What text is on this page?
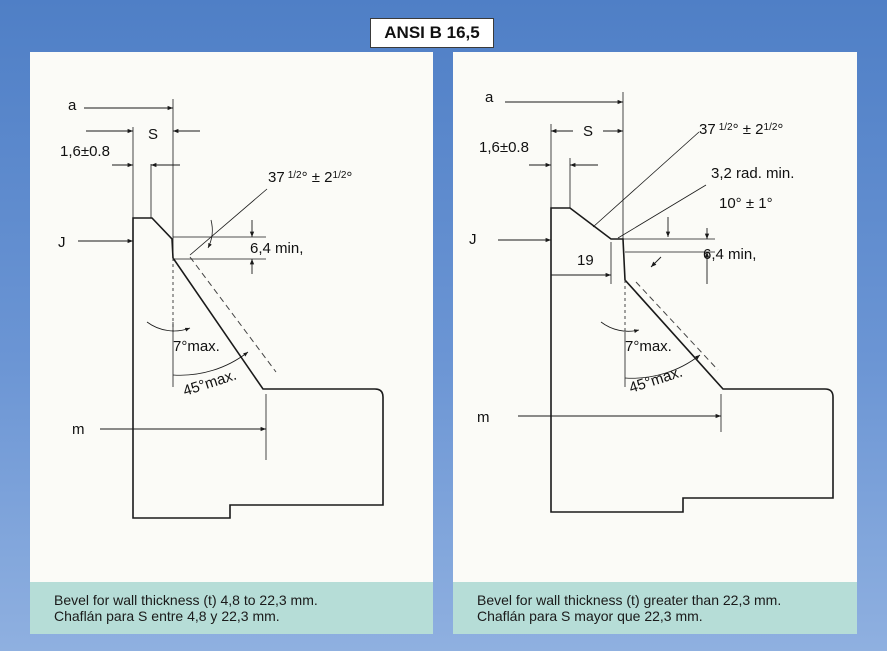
ANSI B 16,5
a
S
1,6±0.8
J
m
37 $^{1/2}^\circ \pm 2^{1/2}^\circ$
6,4 min,
7°max.
45°max.
Bevel for wall thickness (t) 4,8 to 22,3 mm.
Chaflán para S entre 4,8 y 22,3 mm.
a
S
1,6±0.8
J
m
37 $^{1/2}^\circ \pm 2^{1/2}^\circ$
3,2 rad. min.
10° ± 1°
6,4 min,
19
7°max.
45°max.
Bevel for wall thickness (t) greater than 22,3 mm.
Chaflán para S mayor que 22,3 mm.
